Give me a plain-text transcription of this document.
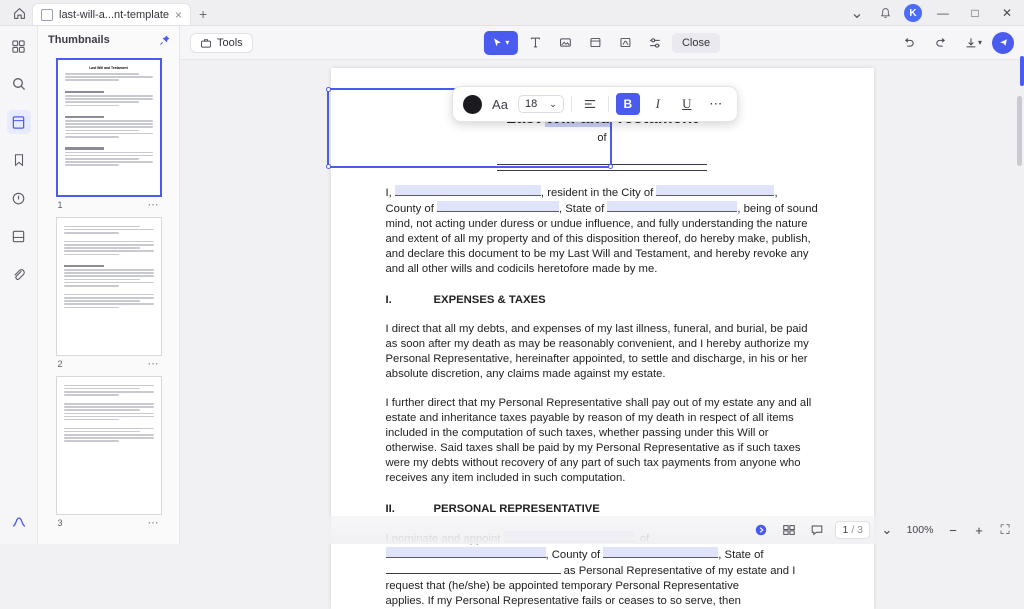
last-will-a...nt-template ×	+	⌄	K	—	□	✕
Thumbnails
Last Will and Testament
1	⋯
2	⋯
3	⋯
Tools	▾	Close	▾
of
I,	, resident in the City of	,
County of	, State of	, being of sound
mind, not acting under duress or undue influence, and fully understanding the nature
and extent of all my property and of this disposition thereof, do hereby make, publish,
and declare this document to be my Last Will and Testament, and hereby revoke any
and all other wills and codicils heretofore made by me.
I.	EXPENSES & TAXES
I direct that all my debts, and expenses of my last illness, funeral, and burial, be paid as soon after my death as may be reasonably convenient, and I hereby authorize my Personal Representative, hereinafter appointed, to settle and discharge, in his or her absolute discretion, any claims made against my estate.
I further direct that my Personal Representative shall pay out of my estate any and all estate and inheritance taxes payable by reason of my death in respect of all items included in the computation of such taxes, whether passing under this Will or otherwise. Said taxes shall be paid by my Personal Representative as if such taxes were my debts without recovery of any part of such tax payments from anyone who receives any item included in such computation.
II.	PERSONAL REPRESENTATIVE

, County of	, State of
as Personal Representative of my estate and I
request that (he/she) be appointed temporary Personal Representative
applies. If my Personal Representative fails or ceases to so serve, then
Aa 18 ⌄	B	I	U	⋯
1 / 3 ⌄	100%	−	+	⛶
